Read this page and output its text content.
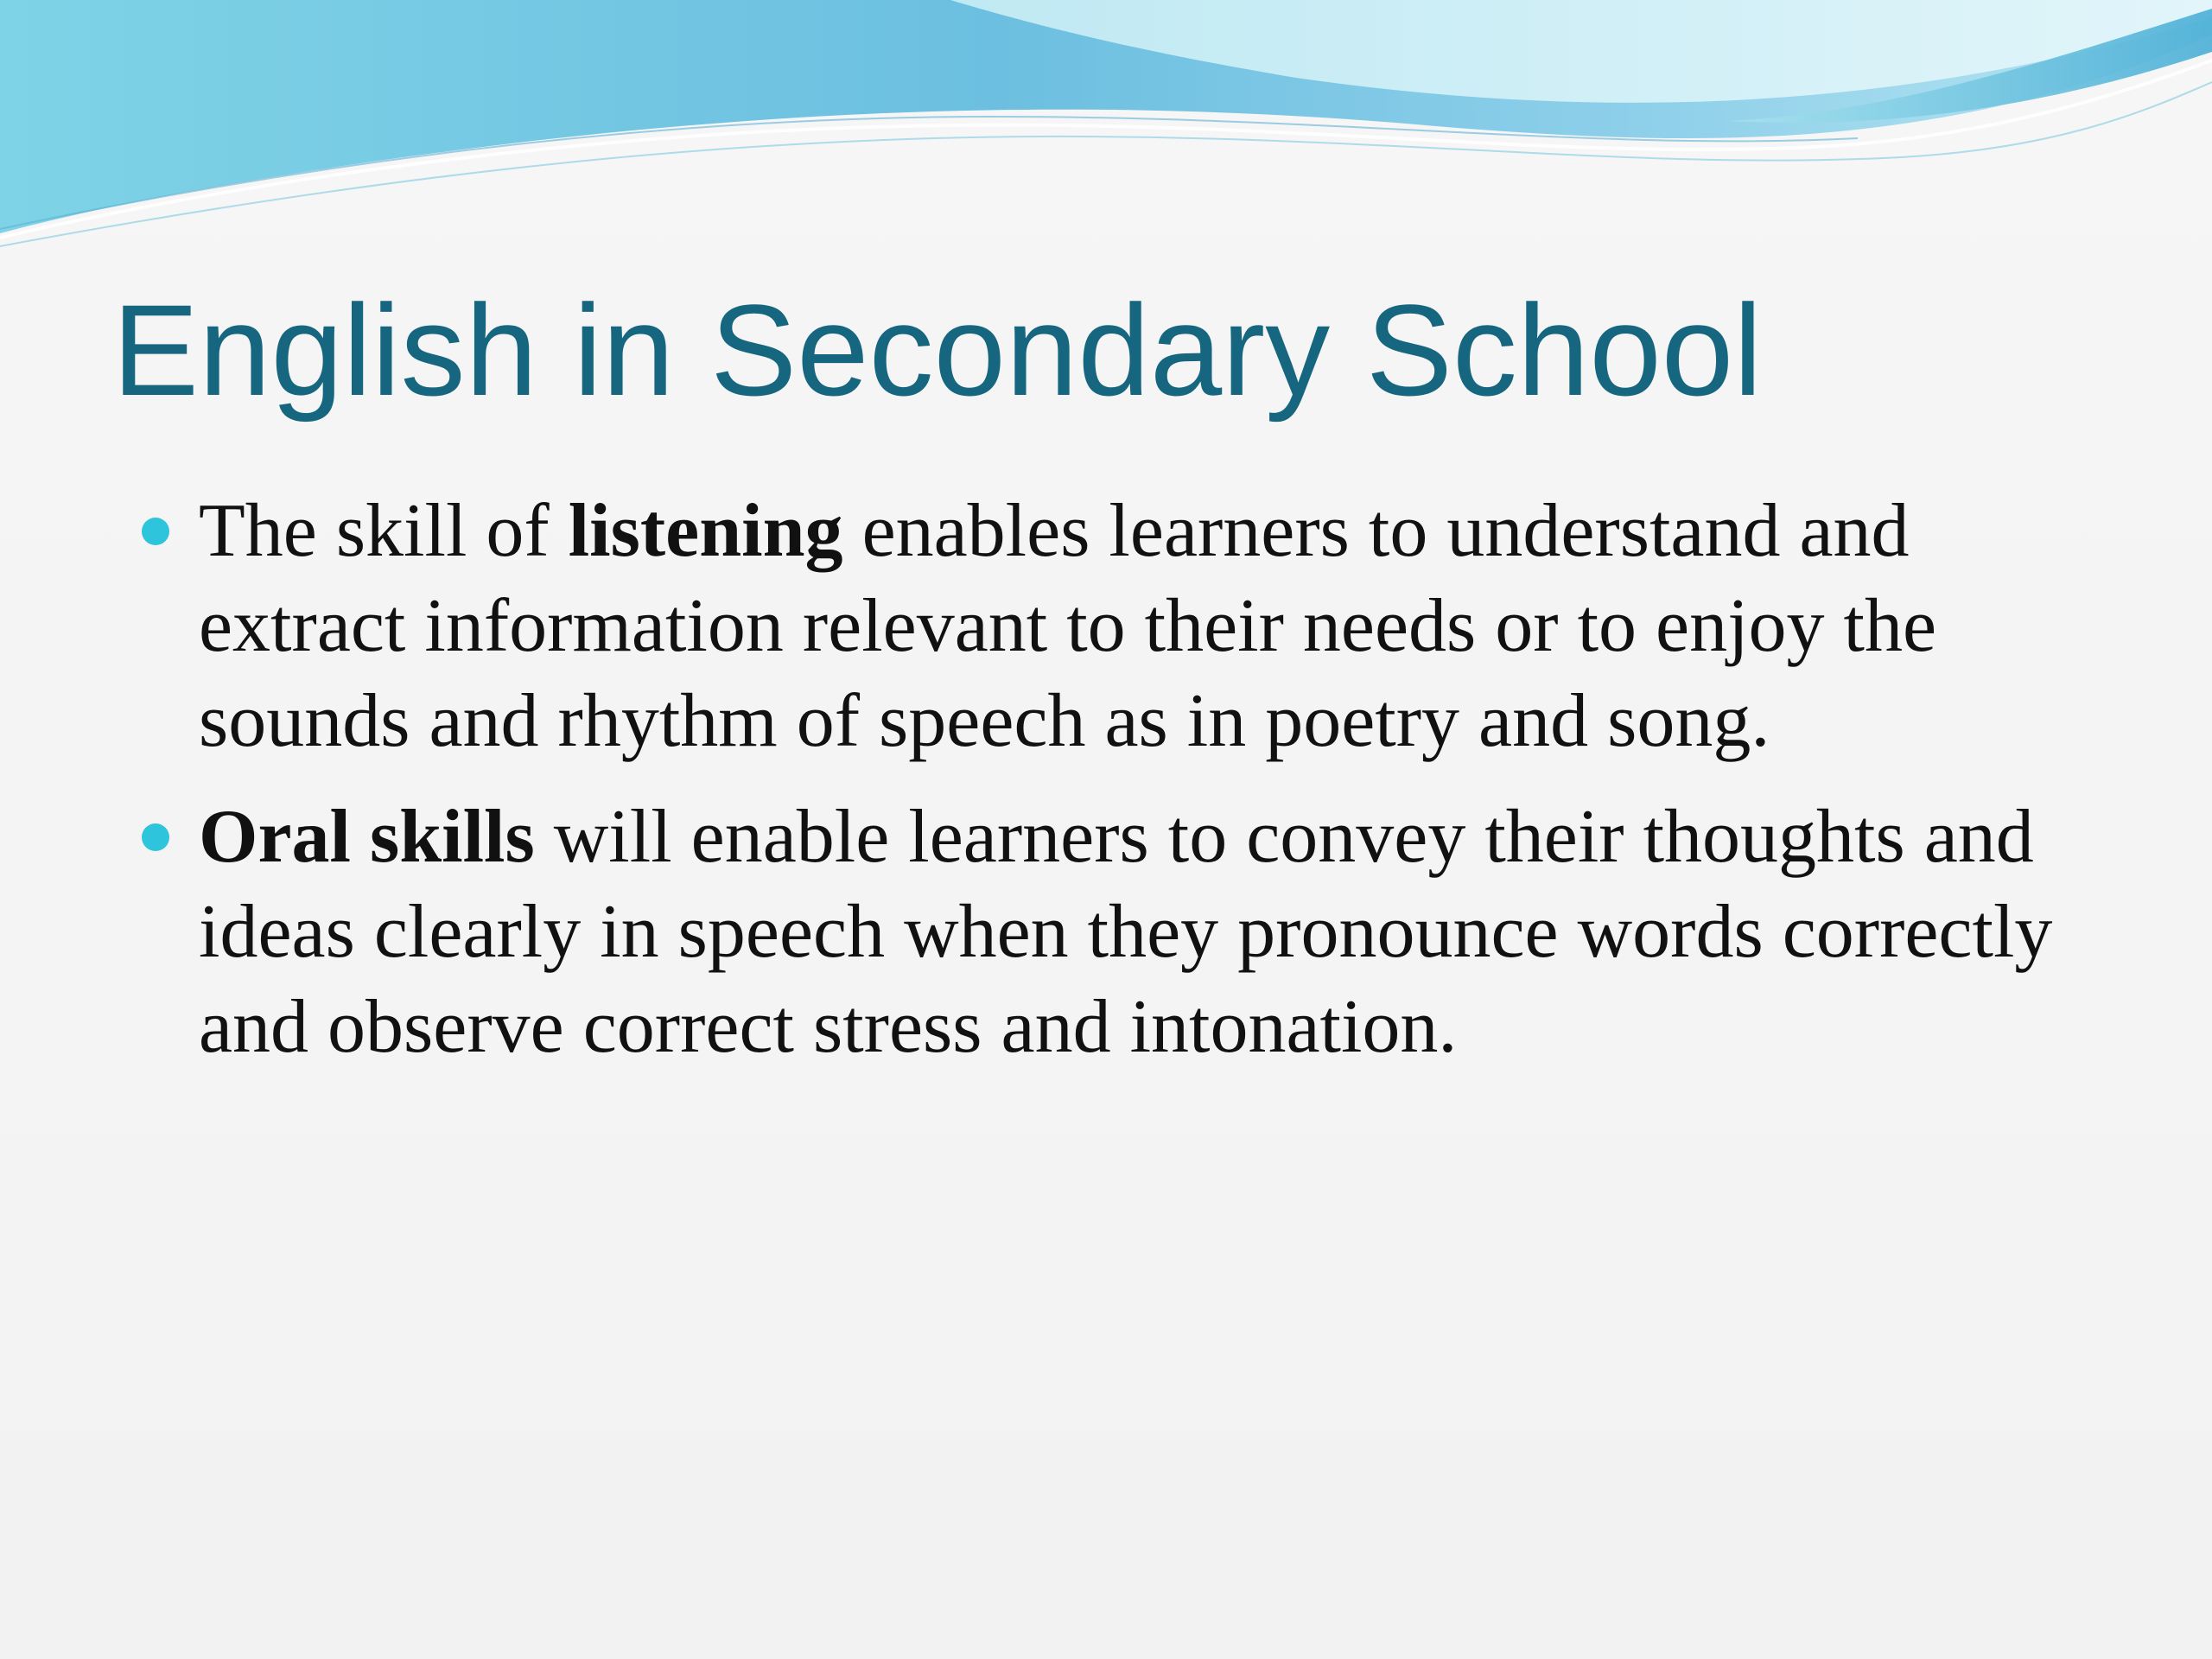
English in Secondary School
The skill of listening enables learners to understand and extract information relevant to their needs or to enjoy the sounds and rhythm of speech as in poetry and song.
Oral skills will enable learners to convey their thoughts and ideas clearly in speech when they pronounce words correctly and observe correct stress and intonation.
